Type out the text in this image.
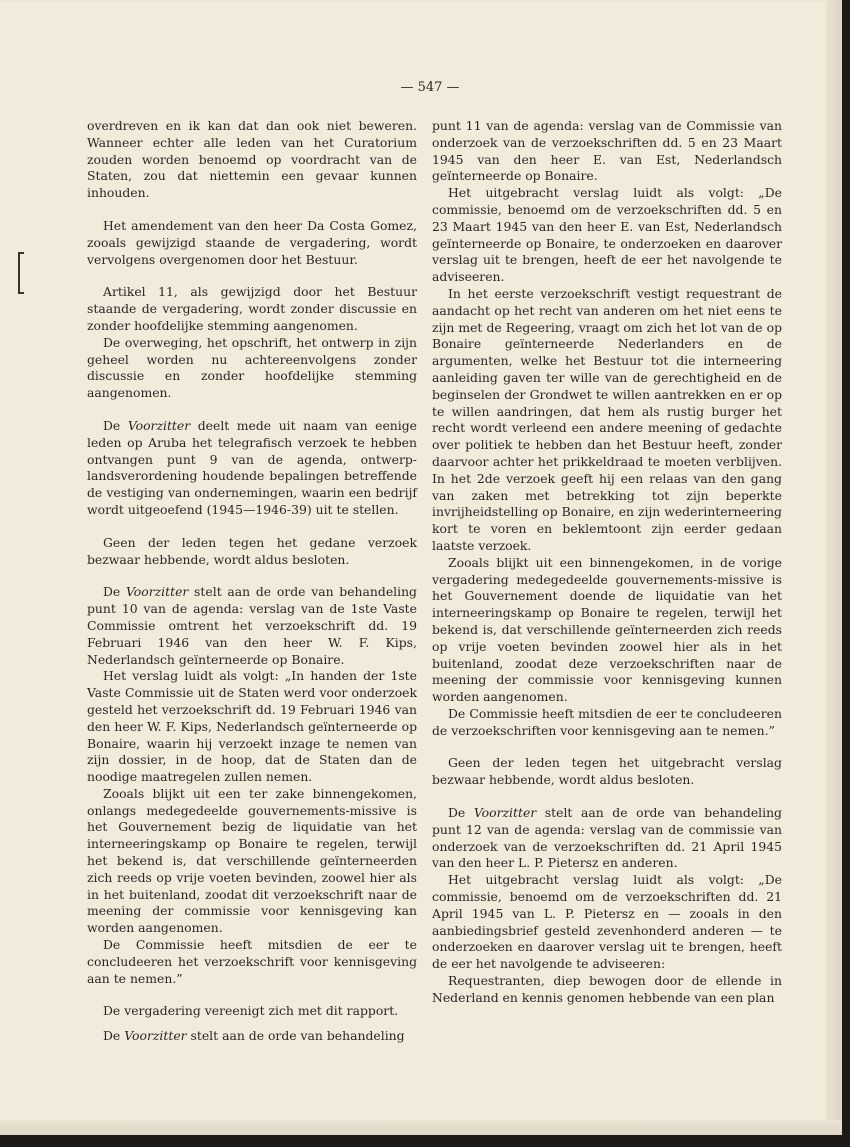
— 547 —

overdreven en ik kan dat dan ook niet beweren. Wanneer echter alle leden van het Curatorium zouden worden benoemd op voordracht van de Staten, zou dat niettemin een gevaar kunnen inhouden.

Het amendement van den heer Da Costa Gomez, zooals gewijzigd staande de vergadering, wordt vervolgens overgenomen door het Bestuur.

Artikel 11, als gewijzigd door het Bestuur staande de vergadering, wordt zonder discussie en zonder hoofdelijke stemming aangenomen.

De overweging, het opschrift, het ontwerp in zijn geheel worden nu achtereenvolgens zonder discussie en zonder hoofdelijke stemming aangenomen.

De Voorzitter deelt mede uit naam van eenige leden op Aruba het telegrafisch verzoek te hebben ontvangen punt 9 van de agenda, ontwerp-landsverordening houdende bepalingen betreffende de vestiging van ondernemingen, waarin een bedrijf wordt uitgeoefend (1945—1946-39) uit te stellen.

Geen der leden tegen het gedane verzoek bezwaar hebbende, wordt aldus besloten.

De Voorzitter stelt aan de orde van behandeling punt 10 van de agenda: verslag van de 1ste Vaste Commissie omtrent het verzoekschrift dd. 19 Februari 1946 van den heer W. F. Kips, Nederlandsch geïnterneerde op Bonaire.

Het verslag luidt als volgt: „In handen der 1ste Vaste Commissie uit de Staten werd voor onderzoek gesteld het verzoekschrift dd. 19 Februari 1946 van den heer W. F. Kips, Nederlandsch geïnterneerde op Bonaire, waarin hij verzoekt inzage te nemen van zijn dossier, in de hoop, dat de Staten dan de noodige maatregelen zullen nemen.

Zooals blijkt uit een ter zake binnengekomen, onlangs medegedeelde gouvernements-missive is het Gouvernement bezig de liquidatie van het interneeringskamp op Bonaire te regelen, terwijl het bekend is, dat verschillende geïnterneerden zich reeds op vrije voeten bevinden, zoowel hier als in het buitenland, zoodat dit verzoekschrift naar de meening der commissie voor kennisgeving kan worden aangenomen.

De Commissie heeft mitsdien de eer te concludeeren het verzoekschrift voor kennisgeving aan te nemen.”

De vergadering vereenigt zich met dit rapport.

De Voorzitter stelt aan de orde van behandeling

punt 11 van de agenda: verslag van de Commissie van onderzoek van de verzoekschriften dd. 5 en 23 Maart 1945 van den heer E. van Est, Nederlandsch geïnterneerde op Bonaire.

Het uitgebracht verslag luidt als volgt: „De commissie, benoemd om de verzoekschriften dd. 5 en 23 Maart 1945 van den heer E. van Est, Nederlandsch geïnterneerde op Bonaire, te onderzoeken en daarover verslag uit te brengen, heeft de eer het navolgende te adviseeren.

In het eerste verzoekschrift vestigt requestrant de aandacht op het recht van anderen om het niet eens te zijn met de Regeering, vraagt om zich het lot van de op Bonaire geïnterneerde Nederlanders en de argumenten, welke het Bestuur tot die interneering aanleiding gaven ter wille van de gerechtigheid en de beginselen der Grondwet te willen aantrekken en er op te willen aandringen, dat hem als rustig burger het recht wordt verleend een andere meening of gedachte over politiek te hebben dan het Bestuur heeft, zonder daarvoor achter het prikkeldraad te moeten verblijven. In het 2de verzoek geeft hij een relaas van den gang van zaken met betrekking tot zijn beperkte invrijheidstelling op Bonaire, en zijn wederinterneering kort te voren en beklemtoont zijn eerder gedaan laatste verzoek.

Zooals blijkt uit een binnengekomen, in de vorige vergadering medegedeelde gouvernements-missive is het Gouvernement doende de liquidatie van het interneeringskamp op Bonaire te regelen, terwijl het bekend is, dat verschillende geïnterneerden zich reeds op vrije voeten bevinden zoowel hier als in het buitenland, zoodat deze verzoekschriften naar de meening der commissie voor kennisgeving kunnen worden aangenomen.

De Commissie heeft mitsdien de eer te concludeeren de verzoekschriften voor kennisgeving aan te nemen.”

Geen der leden tegen het uitgebracht verslag bezwaar hebbende, wordt aldus besloten.

De Voorzitter stelt aan de orde van behandeling punt 12 van de agenda: verslag van de commissie van onderzoek van de verzoekschriften dd. 21 April 1945 van den heer L. P. Pietersz en anderen.

Het uitgebracht verslag luidt als volgt: „De commissie, benoemd om de verzoekschriften dd. 21 April 1945 van L. P. Pietersz en — zooals in den aanbiedingsbrief gesteld zevenhonderd anderen — te onderzoeken en daarover verslag uit te brengen, heeft de eer het navolgende te adviseeren:

Requestranten, diep bewogen door de ellende in Nederland en kennis genomen hebbende van een plan
